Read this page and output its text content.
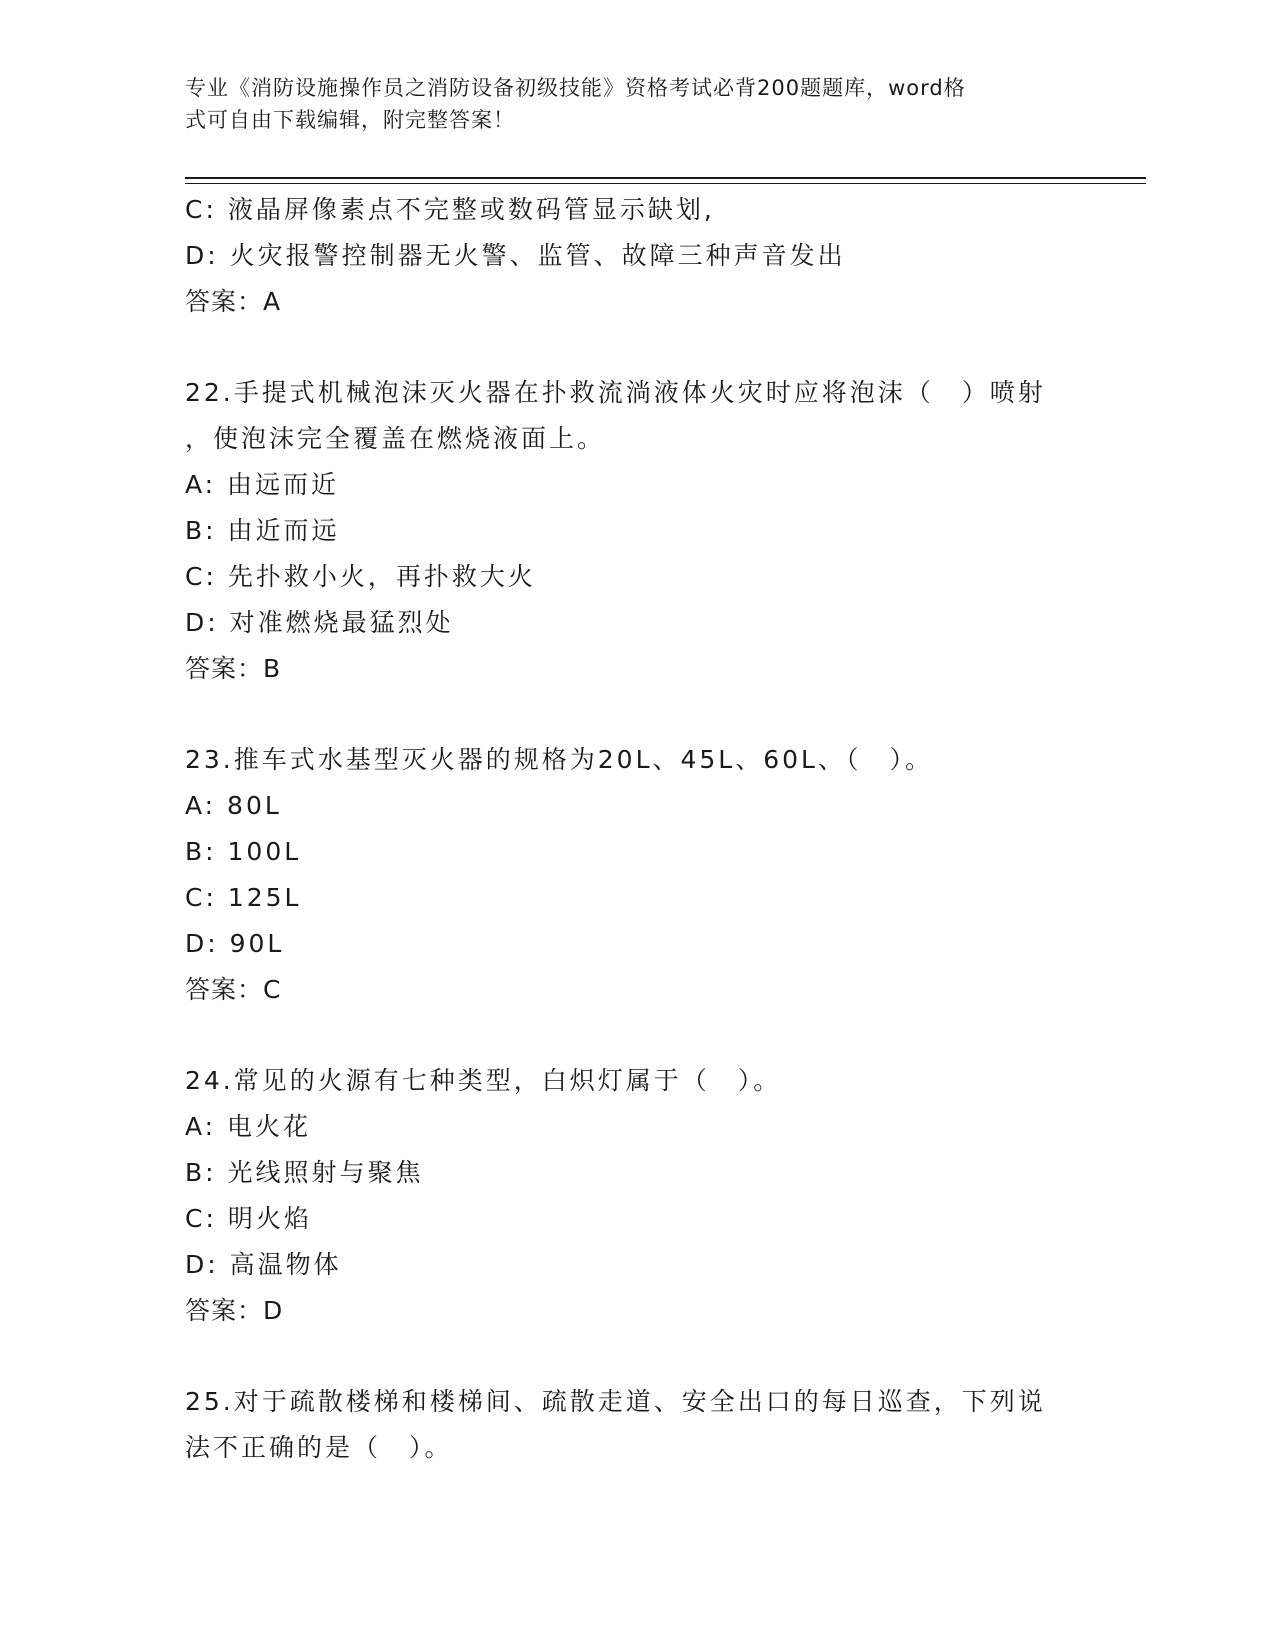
专业《消防设施操作员之消防设备初级技能》资格考试必背200题题库，word格
式可自由下载编辑，附完整答案！
C: 液晶屏像素点不完整或数码管显示缺划,
D: 火灾报警控制器无火警、监管、故障三种声音发出
答案：A
22.手提式机械泡沫灭火器在扑救流淌液体火灾时应将泡沫（　）喷射
，使泡沫完全覆盖在燃烧液面上。
A: 由远而近
B: 由近而远
C: 先扑救小火，再扑救大火
D: 对准燃烧最猛烈处
答案：B
23.推车式水基型灭火器的规格为20L、45L、60L、（　）。
A: 80L
B: 100L
C: 125L
D: 90L
答案：C
24.常见的火源有七种类型，白炽灯属于（　）。
A: 电火花
B: 光线照射与聚焦
C: 明火焰
D: 高温物体
答案：D
25.对于疏散楼梯和楼梯间、疏散走道、安全出口的每日巡查，下列说
法不正确的是（　）。
